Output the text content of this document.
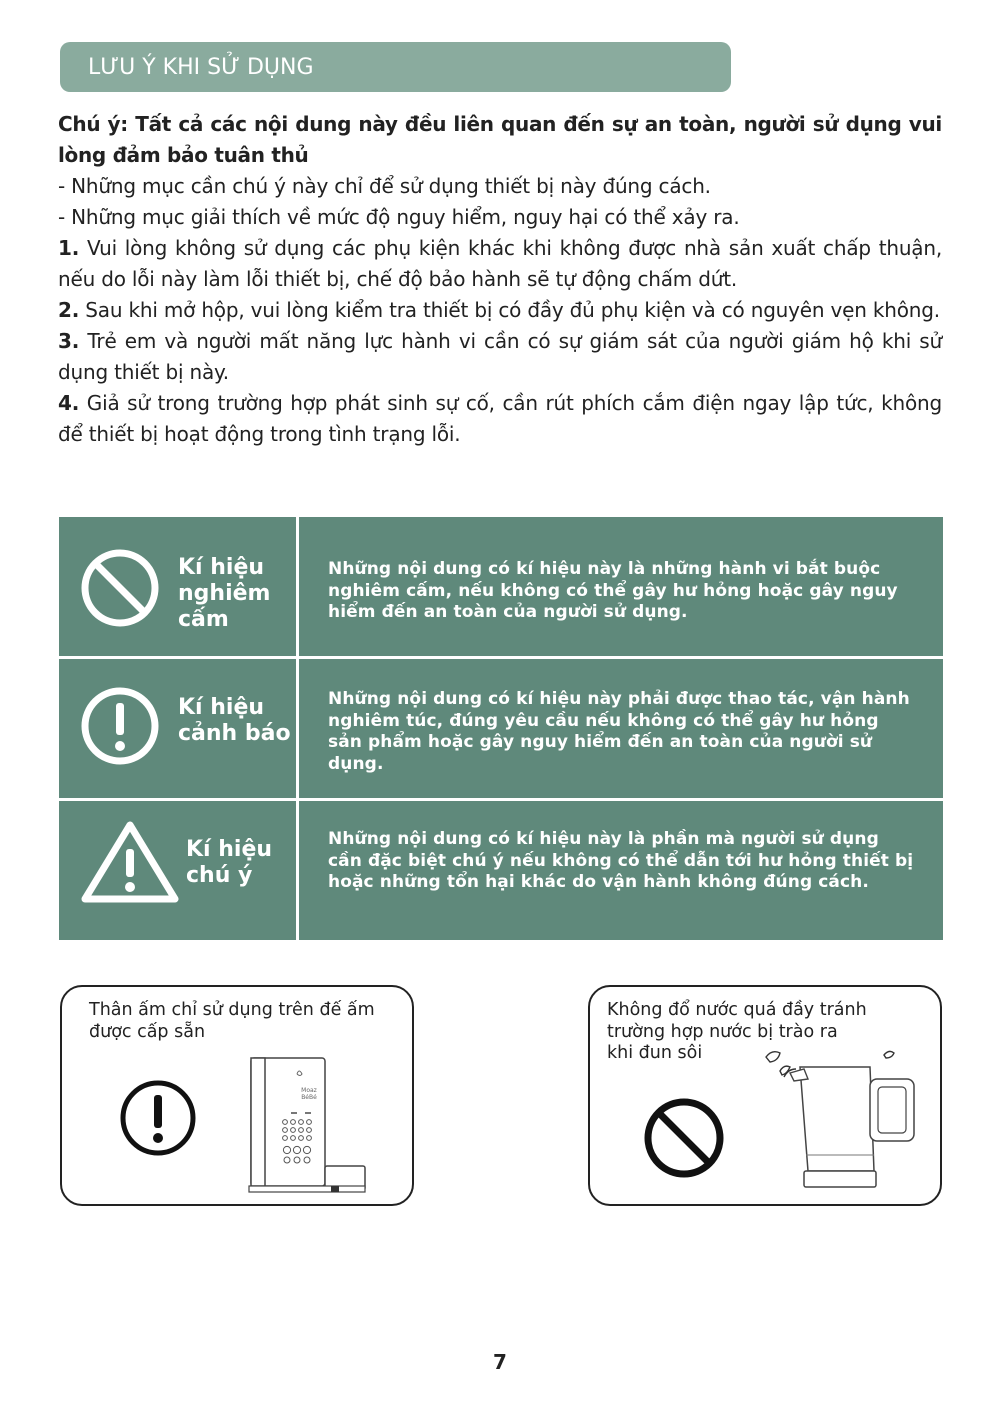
LƯU Ý KHI SỬ DỤNG

Chú ý: Tất cả các nội dung này đều liên quan đến sự an toàn, người sử dụng vui lòng đảm bảo tuân thủ

- Những mục cần chú ý này chỉ để sử dụng thiết bị này đúng cách.

- Những mục giải thích về mức độ nguy hiểm, nguy hại có thể xảy ra.

1. Vui lòng không sử dụng các phụ kiện khác khi không được nhà sản xuất chấp thuận, nếu do lỗi này làm lỗi thiết bị, chế độ bảo hành sẽ tự động chấm dứt.

2. Sau khi mở hộp, vui lòng kiểm tra thiết bị có đầy đủ phụ kiện và có nguyên vẹn không.

3. Trẻ em và người mất năng lực hành vi cần có sự giám sát của người giám hộ khi sử dụng thiết bị này.

4. Giả sử trong trường hợp phát sinh sự cố, cần rút phích cắm điện ngay lập tức, không để thiết bị hoạt động trong tình trạng lỗi.

Kí hiệu nghiêm cấm
Những nội dung có kí hiệu này là những hành vi bắt buộc nghiêm cấm, nếu không có thể gây hư hỏng hoặc gây nguy hiểm đến an toàn của người sử dụng.
Kí hiệu cảnh báo
Những nội dung có kí hiệu này phải được thao tác, vận hành nghiêm túc, đúng yêu cầu nếu không có thể gây hư hỏng sản phẩm hoặc gây nguy hiểm đến an toàn của người sử dụng.
Kí hiệu chú ý
Những nội dung có kí hiệu này là phần mà người sử dụng cần đặc biệt chú ý nếu không có thể dẫn tới hư hỏng thiết bị hoặc những tổn hại khác do vận hành không đúng cách.
Thân ấm chỉ sử dụng trên đế ấm được cấp sẵn
Moaz BéBé
Không đổ nước quá đầy tránh trường hợp nước bị trào ra khi đun sôi
7
